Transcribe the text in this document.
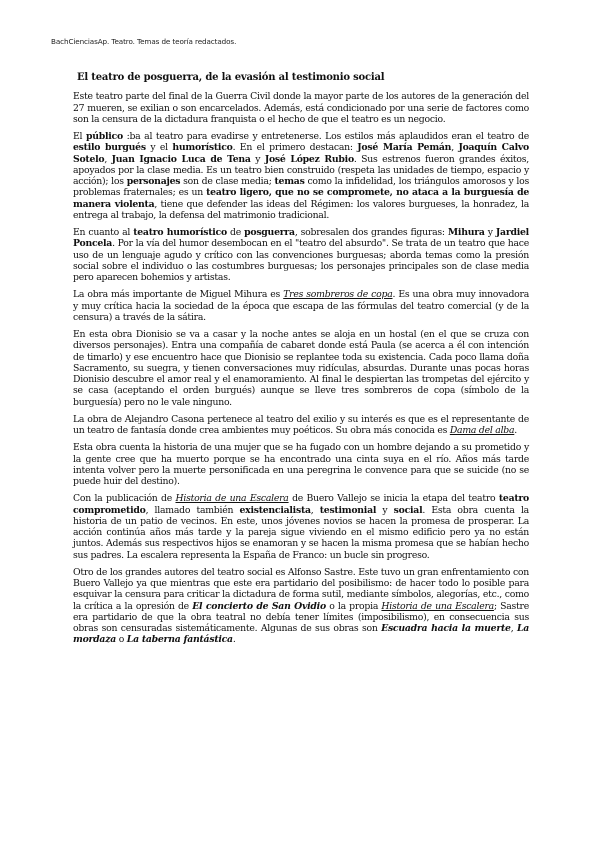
BachCienciasAp. Teatro. Temas de teoría redactados.
El teatro de posguerra, de la evasión al testimonio social

Este teatro parte del final de la Guerra Civil donde la mayor parte de los autores de la generación del 27 mueren, se exilian o son encarcelados. Además, está condicionado por una serie de factores como son la censura de la dictadura franquista o el hecho de que el teatro es un negocio.

El público :ba al teatro para evadirse y entretenerse. Los estilos más aplaudidos eran el teatro de estilo burgués y el humorístico. En el primero destacan: José María Pemán, Joaquín Calvo Sotelo, Juan Ignacio Luca de Tena y José López Rubio. Sus estrenos fueron grandes éxitos, apoyados por la clase media. Es un teatro bien construido (respeta las unidades de tiempo, espacio y acción); los personajes son de clase media; temas como la infidelidad, los triángulos amorosos y los problemas fraternales; es un teatro ligero, que no se compromete, no ataca a la burguesía de manera violenta, tiene que defender las ideas del Régimen: los valores burgueses, la honradez, la entrega al trabajo, la defensa del matrimonio tradicional.

En cuanto al teatro humorístico de posguerra, sobresalen dos grandes figuras: Mihura y Jardiel Poncela. Por la vía del humor desembocan en el "teatro del absurdo". Se trata de un teatro que hace uso de un lenguaje agudo y crítico con las convenciones burguesas; aborda temas como la presión social sobre el individuo o las costumbres burguesas; los personajes principales son de clase media pero aparecen bohemios y artistas.

La obra más importante de Miguel Mihura es Tres sombreros de copa. Es una obra muy innovadora y muy crítica hacia la sociedad de la época que escapa de las fórmulas del teatro comercial (y de la censura) a través de la sátira.

En esta obra Dionisio se va a casar y la noche antes se aloja en un hostal (en el que se cruza con diversos personajes). Entra una compañía de cabaret donde está Paula (se acerca a él con intención de timarlo) y ese encuentro hace que Dionisio se replantee toda su existencia. Cada poco llama doña Sacramento, su suegra, y tienen conversaciones muy ridículas, absurdas. Durante unas pocas horas Dionisio descubre el amor real y el enamoramiento. Al final le despiertan las trompetas del ejército y se casa (aceptando el orden burgués) aunque se lleve tres sombreros de copa (símbolo de la burguesía) pero no le vale ninguno.

La obra de Alejandro Casona pertenece al teatro del exilio y su interés es que es el representante de un teatro de fantasía donde crea ambientes muy poéticos. Su obra más conocida es Dama del alba.

Esta obra cuenta la historia de una mujer que se ha fugado con un hombre dejando a su prometido y la gente cree que ha muerto porque se ha encontrado una cinta suya en el río. Años más tarde intenta volver pero la muerte personificada en una peregrina le convence para que se suicide (no se puede huir del destino).

Con la publicación de Historia de una Escalera de Buero Vallejo se inicia la etapa del teatro teatro comprometido, llamado también existencialista, testimonial y social. Esta obra cuenta la historia de un patio de vecinos. En este, unos jóvenes novios se hacen la promesa de prosperar. La acción continúa años más tarde y la pareja sigue viviendo en el mismo edificio pero ya no están juntos. Además sus respectivos hijos se enamoran y se hacen la misma promesa que se habían hecho sus padres. La escalera representa la España de Franco: un bucle sin progreso.

Otro de los grandes autores del teatro social es Alfonso Sastre. Este tuvo un gran enfrentamiento con Buero Vallejo ya que mientras que este era partidario del posibilismo: de hacer todo lo posible para esquivar la censura para criticar la dictadura de forma sutil, mediante símbolos, alegorías, etc., como la crítica a la opresión de El concierto de San Ovidio o la propia Historia de una Escalera; Sastre era partidario de que la obra teatral no debía tener límites (imposibilismo), en consecuencia sus obras son censuradas sistemáticamente. Algunas de sus obras son Escuadra hacia la muerte, La mordaza o La taberna fantástica.
